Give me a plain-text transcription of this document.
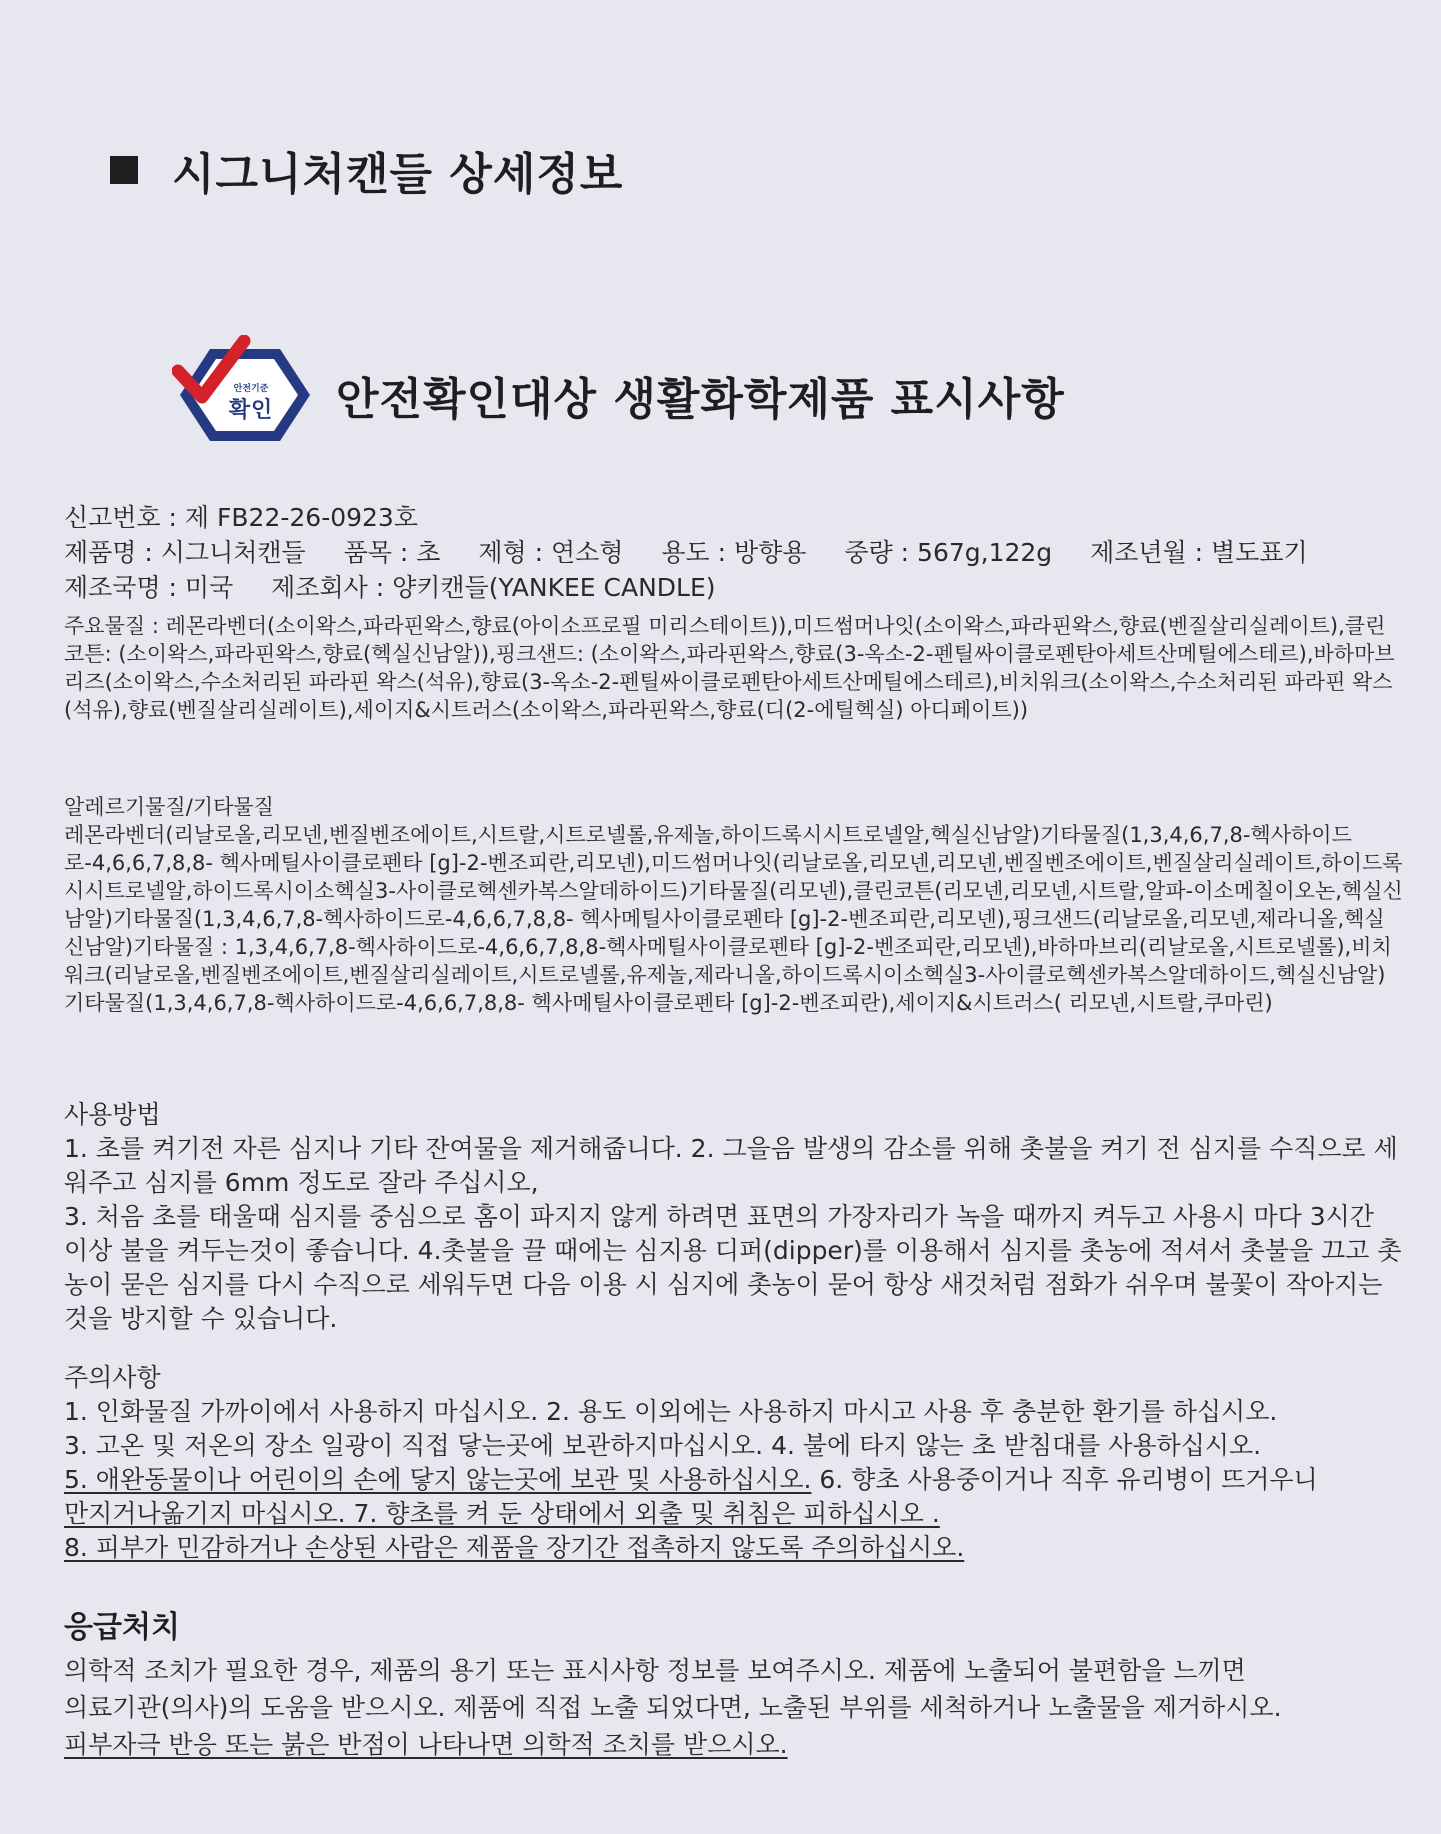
시그니처캔들 상세정보
안전기준
확인 안전확인대상 생활화학제품 표시사항
신고번호 : 제 FB22-26-0923호
제품명 : 시그니처캔들 품목 : 초 제형 : 연소형 용도 : 방향용 중량 : 567g,122g 제조년월 : 별도표기
제조국명 : 미국 제조회사 : 양키캔들(YANKEE CANDLE)
주요물질 : 레몬라벤더(소이왁스,파라핀왁스,향료(아이소프로필 미리스테이트)),미드썸머나잇(소이왁스,파라핀왁스,향료(벤질살리실레이트),클린코튼: (소이왁스,파라핀왁스,향료(헥실신남알)),핑크샌드: (소이왁스,파라핀왁스,향료(3-옥소-2-펜틸싸이클로펜탄아세트산메틸에스테르),바하마브리즈(소이왁스,수소처리된 파라핀 왁스(석유),향료(3-옥소-2-펜틸싸이클로펜탄아세트산메틸에스테르),비치워크(소이왁스,수소처리된 파라핀 왁스(석유),향료(벤질살리실레이트),세이지&시트러스(소이왁스,파라핀왁스,향료(디(2-에틸헥실) 아디페이트))
알레르기물질/기타물질
레몬라벤더(리날로올,리모넨,벤질벤조에이트,시트랄,시트로넬롤,유제놀,하이드록시시트로넬알,헥실신남알)기타물질(1,3,4,6,7,8-헥사하이드로-4,6,6,7,8,8- 헥사메틸사이클로펜타 [g]-2-벤조피란,리모넨),미드썸머나잇(리날로올,리모넨,리모넨,벤질벤조에이트,벤질살리실레이트,하이드록시시트로넬알,하이드록시이소헥실3-사이클로헥센카복스알데하이드)기타물질(리모넨),클린코튼(리모넨,리모넨,시트랄,알파-이소메칠이오논,헥실신남알)기타물질(1,3,4,6,7,8-헥사하이드로-4,6,6,7,8,8- 헥사메틸사이클로펜타 [g]-2-벤조피란,리모넨),핑크샌드(리날로올,리모넨,제라니올,헥실신남알)기타물질 : 1,3,4,6,7,8-헥사하이드로-4,6,6,7,8,8-헥사메틸사이클로펜타 [g]-2-벤조피란,리모넨),바하마브리(리날로올,시트로넬롤),비치워크(리날로올,벤질벤조에이트,벤질살리실레이트,시트로넬롤,유제놀,제라니올,하이드록시이소헥실3-사이클로헥센카복스알데하이드,헥실신남알)기타물질(1,3,4,6,7,8-헥사하이드로-4,6,6,7,8,8- 헥사메틸사이클로펜타 [g]-2-벤조피란),세이지&시트러스( 리모넨,시트랄,쿠마린)
사용방법
1. 초를 켜기전 자른 심지나 기타 잔여물을 제거해줍니다. 2. 그을음 발생의 감소를 위해 촛불을 켜기 전 심지를 수직으로 세워주고 심지를 6mm 정도로 잘라 주십시오,
3. 처음 초를 태울때 심지를 중심으로 홈이 파지지 않게 하려면 표면의 가장자리가 녹을 때까지 켜두고 사용시 마다 3시간 이상 불을 켜두는것이 좋습니다. 4.촛불을 끌 때에는 심지용 디퍼(dipper)를 이용해서 심지를 촛농에 적셔서 촛불을 끄고 촛농이 묻은 심지를 다시 수직으로 세워두면 다음 이용 시 심지에 촛농이 묻어 항상 새것처럼 점화가 쉬우며 불꽃이 작아지는 것을 방지할 수 있습니다.
주의사항
1. 인화물질 가까이에서 사용하지 마십시오. 2. 용도 이외에는 사용하지 마시고 사용 후 충분한 환기를 하십시오.
3. 고온 및 저온의 장소 일광이 직접 닿는곳에 보관하지마십시오. 4. 불에 타지 않는 초 받침대를 사용하십시오.
5. 애완동물이나 어린이의 손에 닿지 않는곳에 보관 및 사용하십시오. 6. 향초 사용중이거나 직후 유리병이 뜨거우니
만지거나옮기지 마십시오. 7. 향초를 켜 둔 상태에서 외출 및 취침은 피하십시오 .
8. 피부가 민감하거나 손상된 사람은 제품을 장기간 접촉하지 않도록 주의하십시오.
응급처치
의학적 조치가 필요한 경우, 제품의 용기 또는 표시사항 정보를 보여주시오. 제품에 노출되어 불편함을 느끼면
의료기관(의사)의 도움을 받으시오. 제품에 직접 노출 되었다면, 노출된 부위를 세척하거나 노출물을 제거하시오.
피부자극 반응 또는 붉은 반점이 나타나면 의학적 조치를 받으시오.
